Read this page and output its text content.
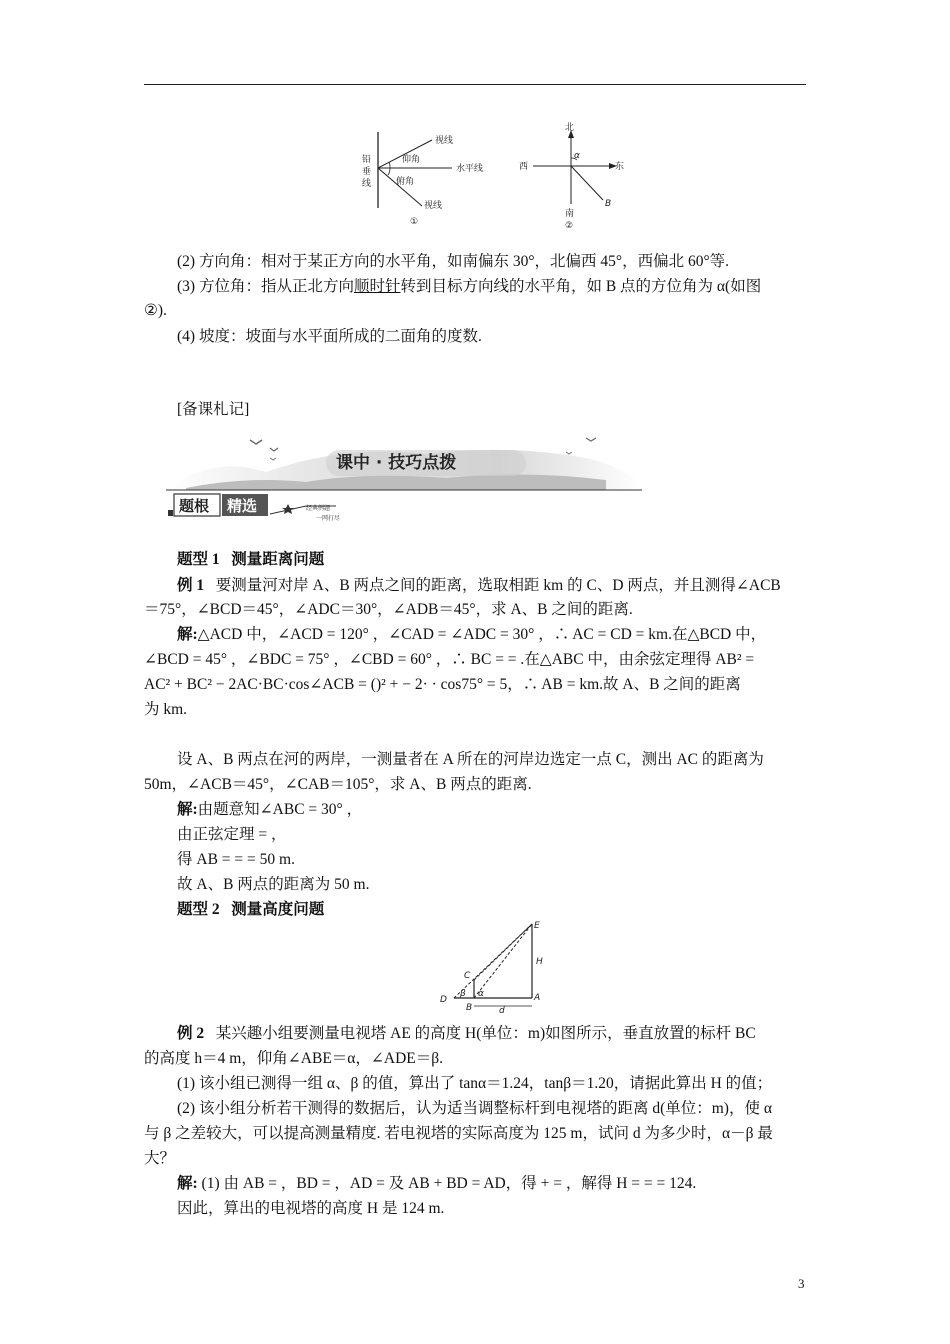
铅
垂
线
视线
仰角
水平线
俯角
视线
①
北
西	东
α
B
南
②
(2) 方向角：相对于某正方向的水平角，如南偏东 30°，北偏西 45°，西偏北 60°等.
(3) 方位角：指从正北方向顺时针转到目标方向线的水平角，如 B 点的方位角为 α(如图
②).
(4) 坡度：坡面与水平面所成的二面角的度数.
[备课札记]
课中 · 技巧点拨
题根 精选	经典例题
一网打尽
题型 1 测量距离问题
例 1 要测量河对岸 A、B 两点之间的距离，选取相距 km 的 C、D 两点，并且测得∠ACB
＝75°，∠BCD＝45°，∠ADC＝30°，∠ADB＝45°，求 A、B 之间的距离.
解:△ACD 中，∠ACD = 120° ，∠CAD = ∠ADC = 30° ，∴ AC = CD = km.在△BCD 中，
∠BCD = 45° ，∠BDC = 75° ，∠CBD = 60° ，∴ BC = = .在△ABC 中，由余弦定理得 AB² =
AC² + BC² − 2AC·BC·cos∠ACB = ()² + − 2· · cos75° = 5，∴ AB = km.故 A、B 之间的距离
为 km.
设 A、B 两点在河的两岸，一测量者在 A 所在的河岸边选定一点 C，测出 AC 的距离为
50m，∠ACB＝45°，∠CAB＝105°，求 A、B 两点的距离.
解:由题意知∠ABC = 30° ，
由正弦定理 = ，
得 AB = = = 50 m.
故 A、B 两点的距离为 50 m.
题型 2 测量高度问题
E
H
C
β α
D
B
A
d
例 2 某兴趣小组要测量电视塔 AE 的高度 H(单位：m)如图所示，垂直放置的标杆 BC
的高度 h＝4 m，仰角∠ABE＝α，∠ADE＝β.
(1) 该小组已测得一组 α、β 的值，算出了 tanα＝1.24，tanβ＝1.20，请据此算出 H 的值；
(2) 该小组分析若干测得的数据后，认为适当调整标杆到电视塔的距离 d(单位：m)，使 α
与 β 之差较大，可以提高测量精度. 若电视塔的实际高度为 125 m，试问 d 为多少时，α－β 最
大？
解: (1) 由 AB = ，BD = ，AD = 及 AB + BD = AD，得 + = ，解得 H = = = 124.
因此，算出的电视塔的高度 H 是 124 m.
3
